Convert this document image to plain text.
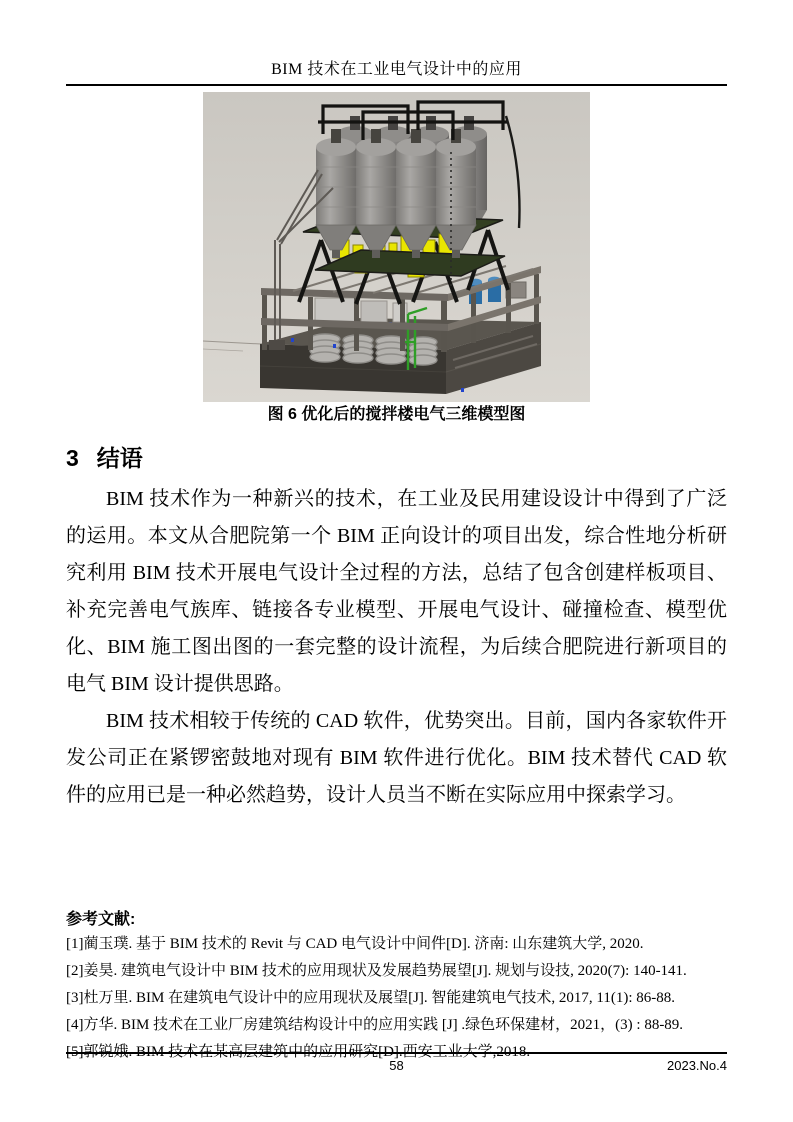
BIM 技术在工业电气设计中的应用
图 6 优化后的搅拌楼电气三维模型图
3 结语

BIM 技术作为一种新兴的技术，在工业及民用建设设计中得到了广泛的运用。本文从合肥院第一个 BIM 正向设计的项目出发，综合性地分析研究利用 BIM 技术开展电气设计全过程的方法，总结了包含创建样板项目、补充完善电气族库、链接各专业模型、开展电气设计、碰撞检查、模型优化、BIM 施工图出图的一套完整的设计流程，为后续合肥院进行新项目的电气 BIM 设计提供思路。

BIM 技术相较于传统的 CAD 软件，优势突出。目前，国内各家软件开发公司正在紧锣密鼓地对现有 BIM 软件进行优化。BIM 技术替代 CAD 软件的应用已是一种必然趋势，设计人员当不断在实际应用中探索学习。

参考文献:
[1]蔺玉璞. 基于 BIM 技术的 Revit 与 CAD 电气设计中间件[D]. 济南: 山东建筑大学, 2020.
[2]姜昊. 建筑电气设计中 BIM 技术的应用现状及发展趋势展望[J]. 规划与设技, 2020(7): 140-141.
[3]杜万里. BIM 在建筑电气设计中的应用现状及展望[J]. 智能建筑电气技术, 2017, 11(1): 86-88.
[4]方华. BIM 技术在工业厂房建筑结构设计中的应用实践 [J] .绿色环保建材，2021，(3) : 88-89.
[5]郭锐娥. BIM 技术在某高层建筑中的应用研究[D].西安工业大学,2018.
58	2023.No.4
